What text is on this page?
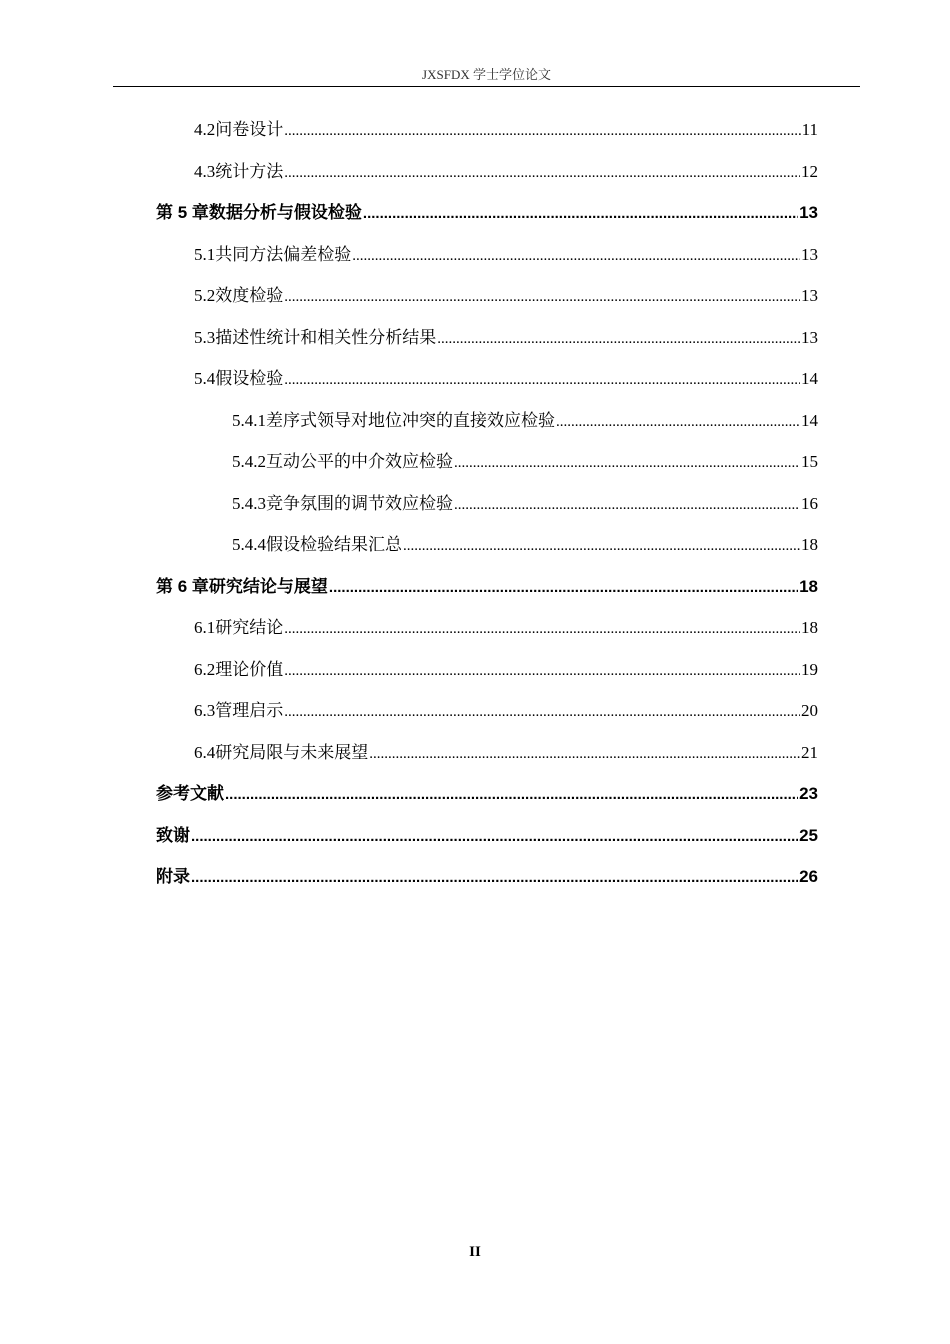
JXSFDX 学士学位论文
4.2 问卷设计 .....	11
4.3 统计方法 .....	12
第 5 章 数据分析与假设检验 .....	13
5.1 共同方法偏差检验 .....	13
5.2 效度检验 .....	13
5.3 描述性统计和相关性分析结果 .....	13
5.4 假设检验 .....	14
5.4.1 差序式领导对地位冲突的直接效应检验 .....	14
5.4.2 互动公平的中介效应检验 .....	15
5.4.3 竞争氛围的调节效应检验 .....	16
5.4.4 假设检验结果汇总 .....	18
第 6 章 研究结论与展望 .....	18
6.1 研究结论 .....	18
6.2 理论价值 .....	19
6.3 管理启示 .....	20
6.4 研究局限与未来展望 .....	21
参考文献 .....	23
致谢 .....	25
附录 .....	26
II
